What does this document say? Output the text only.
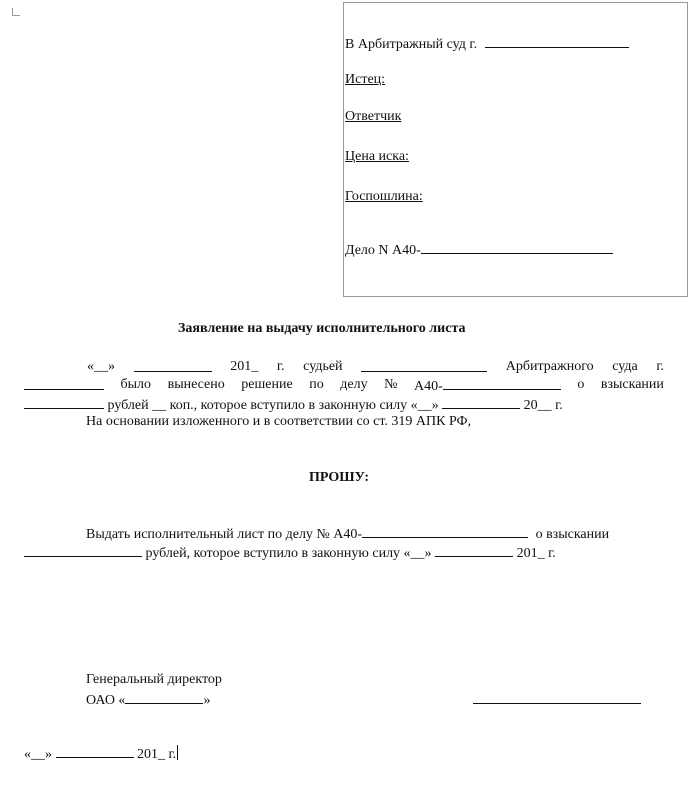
В Арбитражный суд г.
Истец:
Ответчик
Цена иска:
Госпошлина:
Дело N А40-
Заявление на выдачу исполнительного листа
«__»	201_ г. судьей	Арбитражного суда г.
было вынесено решение по делу № А40-	о взыскании
рублей __ коп., которое вступило в законную силу «__»	20__ г.
На основании изложенного и в соответствии со ст. 319 АПК РФ,
ПРОШУ:
Выдать исполнительный лист по делу № А40-	о взыскании
рублей, которое вступило в законную силу «__»	201_ г.
Генеральный директор
ОАО «	»
«__»	201_ г.
